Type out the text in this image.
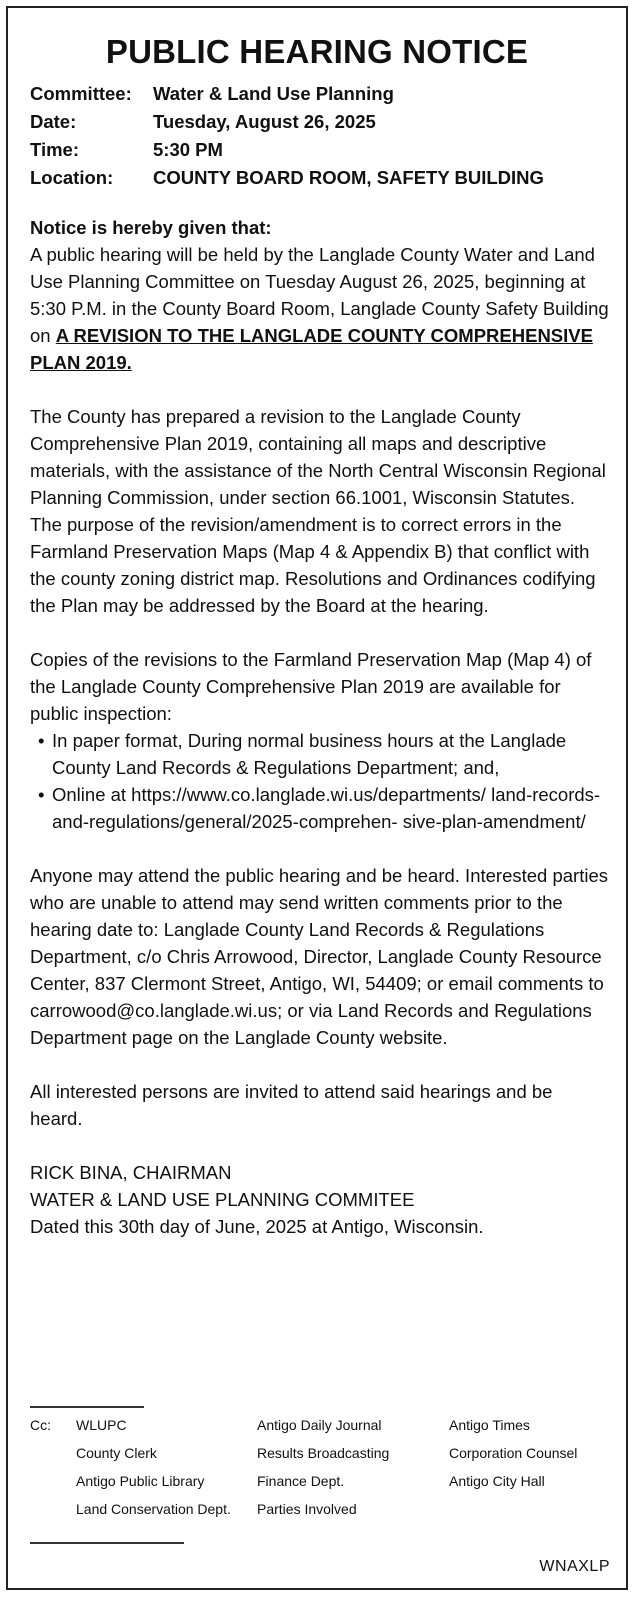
PUBLIC HEARING NOTICE
Committee: Water & Land Use Planning
Date:	Tuesday, August 26, 2025
Time:	5:30 PM
Location: COUNTY BOARD ROOM, SAFETY BUILDING

Notice is hereby given that:

A public hearing will be held by the Langlade County Water and Land Use Planning Committee on Tuesday August 26, 2025, beginning at 5:30 P.M. in the County Board Room, Langlade County Safety Building on A REVISION TO THE LANGLADE COUNTY COMPREHENSIVE PLAN 2019.

The County has prepared a revision to the Langlade County Comprehensive Plan 2019, containing all maps and descriptive materials, with the assistance of the North Central Wisconsin Regional Planning Commission, under section 66.1001, Wisconsin Statutes. The purpose of the revision/amendment is to correct errors in the Farmland Preservation Maps (Map 4 & Appendix B) that conflict with the county zoning district map. Resolutions and Ordinances codifying the Plan may be addressed by the Board at the hearing.

Copies of the revisions to the Farmland Preservation Map (Map 4) of the Langlade County Comprehensive Plan 2019 are available for public inspection:

• In paper format, During normal business hours at the Langlade County Land Records & Regulations Department; and,
• Online at https://www.co.langlade.wi.us/departments/ land-records-and-regulations/general/2025-comprehen- sive-plan-amendment/

Anyone may attend the public hearing and be heard. Interested parties who are unable to attend may send written comments prior to the hearing date to: Langlade County Land Records & Regulations Department, c/o Chris Arrowood, Director, Langlade County Resource Center, 837 Clermont Street, Antigo, WI, 54409; or email comments to carrowood@co.langlade.wi.us; or via Land Records and Regulations Department page on the Langlade County website.

All interested persons are invited to attend said hearings and be heard.

RICK BINA, CHAIRMAN
WATER & LAND USE PLANNING COMMITEE
Dated this 30th day of June, 2025 at Antigo, Wisconsin.
Cc: WLUPC
County Clerk
Antigo Public Library
Land Conservation Dept.
Antigo Daily Journal
Results Broadcasting
Finance Dept.
Parties Involved
Antigo Times
Corporation Counsel
Antigo City Hall
WNAXLP
